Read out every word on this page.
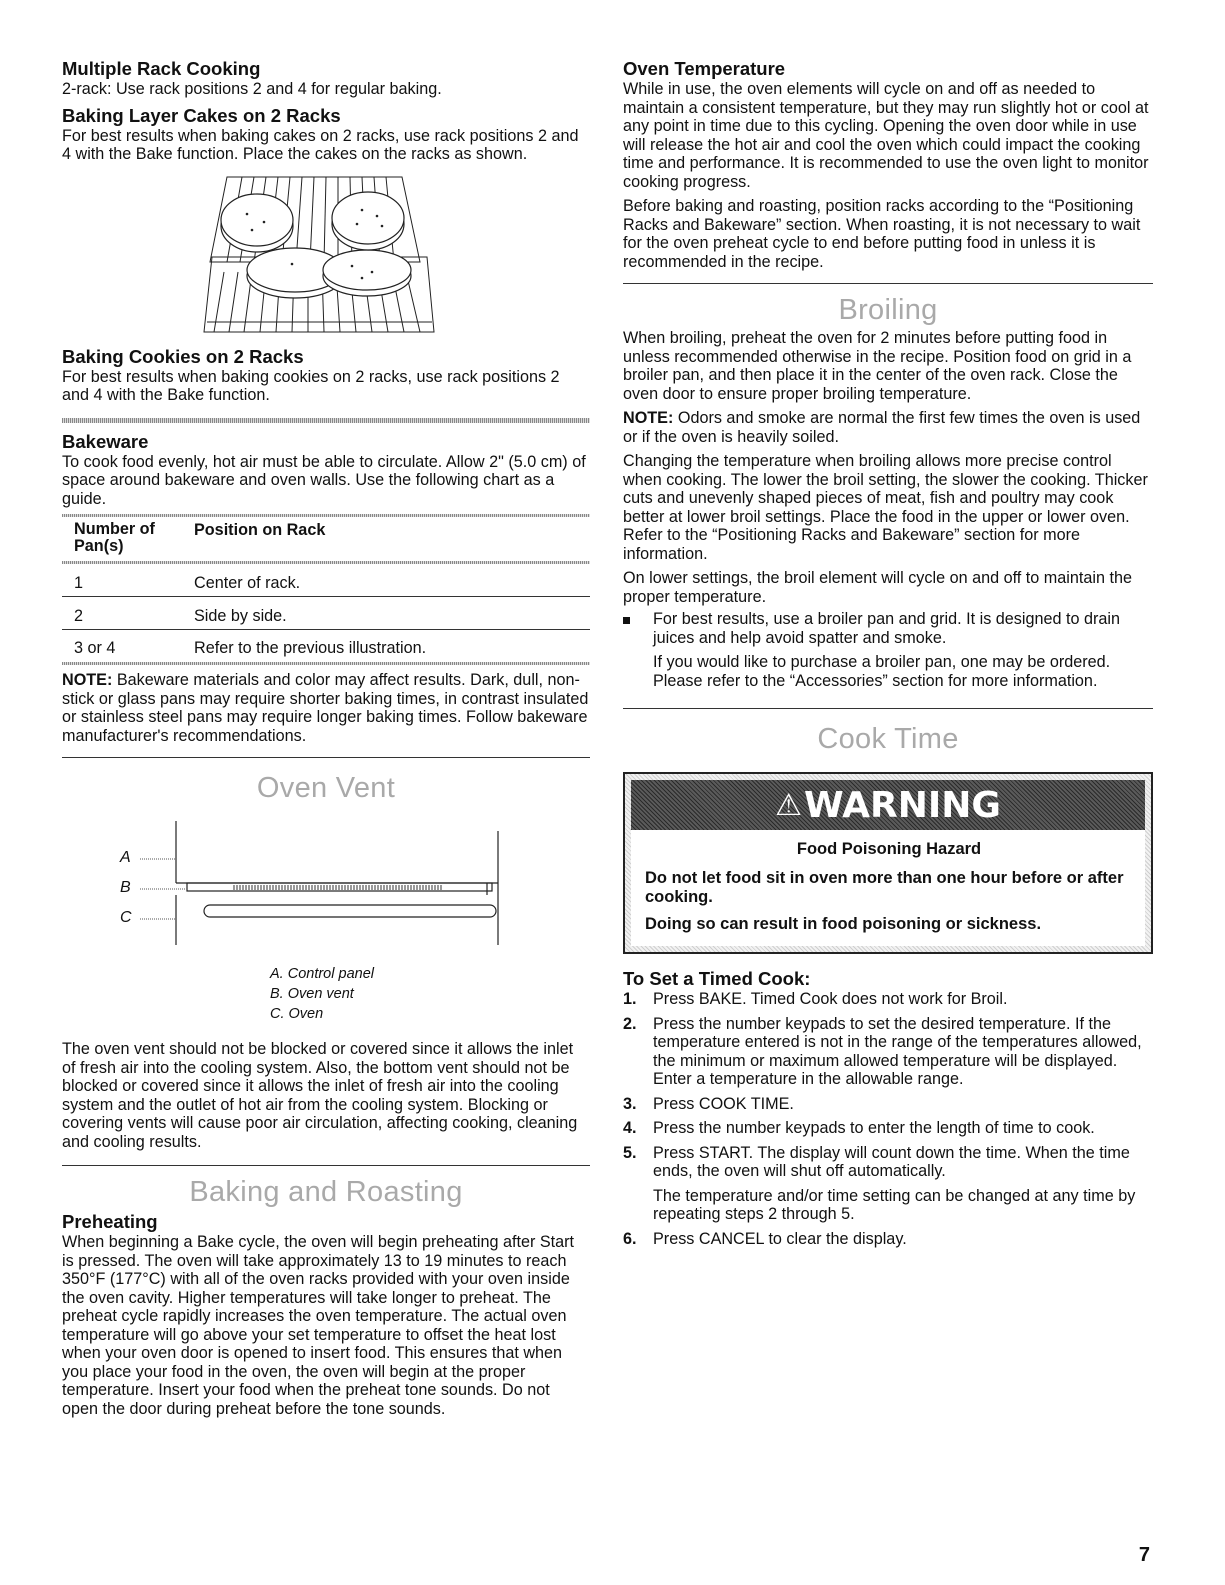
Multiple Rack Cooking

2-rack: Use rack positions 2 and 4 for regular baking.

Baking Layer Cakes on 2 Racks

For best results when baking cakes on 2 racks, use rack positions 2 and 4 with the Bake function. Place the cakes on the racks as shown.

Baking Cookies on 2 Racks

For best results when baking cookies on 2 racks, use rack positions 2 and 4 with the Bake function.

Bakeware

To cook food evenly, hot air must be able to circulate. Allow 2" (5.0 cm) of space around bakeware and oven walls. Use the following chart as a guide.

Number of Pan(s)	Position on Rack
1	Center of rack.
2	Side by side.
3 or 4	Refer to the previous illustration.

NOTE: Bakeware materials and color may affect results. Dark, dull, non-stick or glass pans may require shorter baking times, in contrast insulated or stainless steel pans may require longer baking times. Follow bakeware manufacturer's recommendations.

Oven Vent
A
B
C
A. Control panel
B. Oven vent
C. Oven

The oven vent should not be blocked or covered since it allows the inlet of fresh air into the cooling system. Also, the bottom vent should not be blocked or covered since it allows the inlet of fresh air into the cooling system and the outlet of hot air from the cooling system. Blocking or covering vents will cause poor air circulation, affecting cooking, cleaning and cooling results.

Baking and Roasting
Preheating

When beginning a Bake cycle, the oven will begin preheating after Start is pressed. The oven will take approximately 13 to 19 minutes to reach 350°F (177°C) with all of the oven racks provided with your oven inside the oven cavity. Higher temperatures will take longer to preheat. The preheat cycle rapidly increases the oven temperature. The actual oven temperature will go above your set temperature to offset the heat lost when your oven door is opened to insert food. This ensures that when you place your food in the oven, the oven will begin at the proper temperature. Insert your food when the preheat tone sounds. Do not open the door during preheat before the tone sounds.

Oven Temperature

While in use, the oven elements will cycle on and off as needed to maintain a consistent temperature, but they may run slightly hot or cool at any point in time due to this cycling. Opening the oven door while in use will release the hot air and cool the oven which could impact the cooking time and performance. It is recommended to use the oven light to monitor cooking progress.

Before baking and roasting, position racks according to the “Positioning Racks and Bakeware” section. When roasting, it is not necessary to wait for the oven preheat cycle to end before putting food in unless it is recommended in the recipe.

Broiling

When broiling, preheat the oven for 2 minutes before putting food in unless recommended otherwise in the recipe. Position food on grid in a broiler pan, and then place it in the center of the oven rack. Close the oven door to ensure proper broiling temperature.

NOTE: Odors and smoke are normal the first few times the oven is used or if the oven is heavily soiled.

Changing the temperature when broiling allows more precise control when cooking. The lower the broil setting, the slower the cooking. Thicker cuts and unevenly shaped pieces of meat, fish and poultry may cook better at lower broil settings. Place the food in the upper or lower oven. Refer to the “Positioning Racks and Bakeware” section for more information.

On lower settings, the broil element will cycle on and off to maintain the proper temperature.

For best results, use a broiler pan and grid. It is designed to drain juices and help avoid spatter and smoke.

If you would like to purchase a broiler pan, one may be ordered. Please refer to the “Accessories” section for more information.

Cook Time
⚠ WARNING

Food Poisoning Hazard

Do not let food sit in oven more than one hour before or after cooking.

Doing so can result in food poisoning or sickness.

To Set a Timed Cook:
1.	Press BAKE. Timed Cook does not work for Broil.
2.	Press the number keypads to set the desired temperature. If the temperature entered is not in the range of the temperatures allowed, the minimum or maximum allowed temperature will be displayed. Enter a temperature in the allowable range.
3.	Press COOK TIME.
4.	Press the number keypads to enter the length of time to cook.
5.	Press START. The display will count down the time. When the time ends, the oven will shut off automatically.

The temperature and/or time setting can be changed at any time by repeating steps 2 through 5.

6.	Press CANCEL to clear the display.
7
